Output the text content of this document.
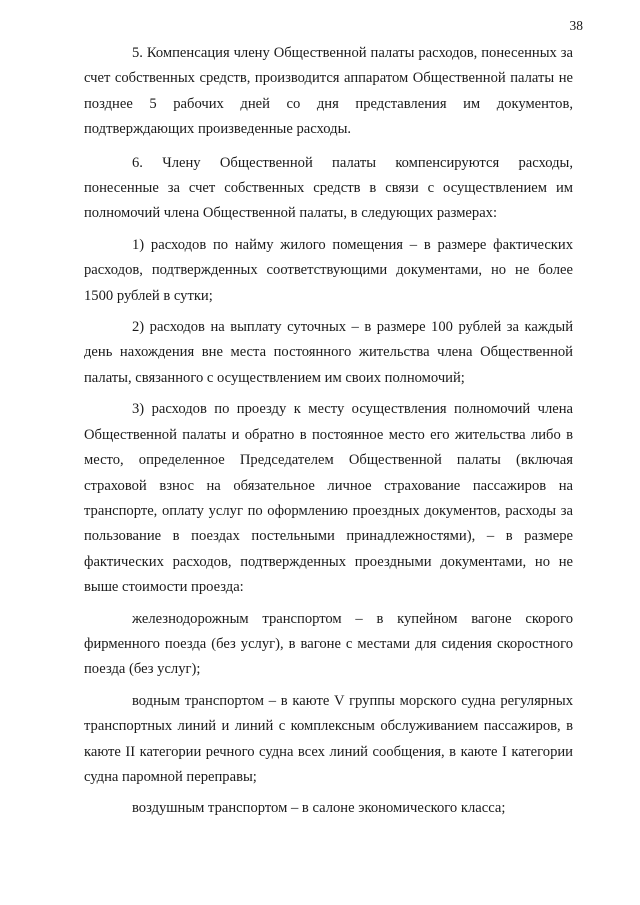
38

5. Компенсация члену Общественной палаты расходов, понесенных за счет собственных средств, производится аппаратом Общественной палаты не позднее 5 рабочих дней со дня представления им документов, подтверждающих произведенные расходы.

6. Члену Общественной палаты компенсируются расходы, понесенные за счет собственных средств в связи с осуществлением им полномочий члена Общественной палаты, в следующих размерах:

1) расходов по найму жилого помещения – в размере фактических расходов, подтвержденных соответствующими документами, но не более 1500 рублей в сутки;

2) расходов на выплату суточных – в размере 100 рублей за каждый день нахождения вне места постоянного жительства члена Общественной палаты, связанного с осуществлением им своих полномочий;

3) расходов по проезду к месту осуществления полномочий члена Общественной палаты и обратно в постоянное место его жительства либо в место, определенное Председателем Общественной палаты (включая страховой взнос на обязательное личное страхование пассажиров на транспорте, оплату услуг по оформлению проездных документов, расходы за пользование в поездах постельными принадлежностями), – в размере фактических расходов, подтвержденных проездными документами, но не выше стоимости проезда:

железнодорожным транспортом – в купейном вагоне скорого фирменного поезда (без услуг), в вагоне с местами для сидения скоростного поезда (без услуг);

водным транспортом – в каюте V группы морского судна регулярных транспортных линий и линий с комплексным обслуживанием пассажиров, в каюте II категории речного судна всех линий сообщения, в каюте I категории судна паромной переправы;

воздушным транспортом – в салоне экономического класса;
